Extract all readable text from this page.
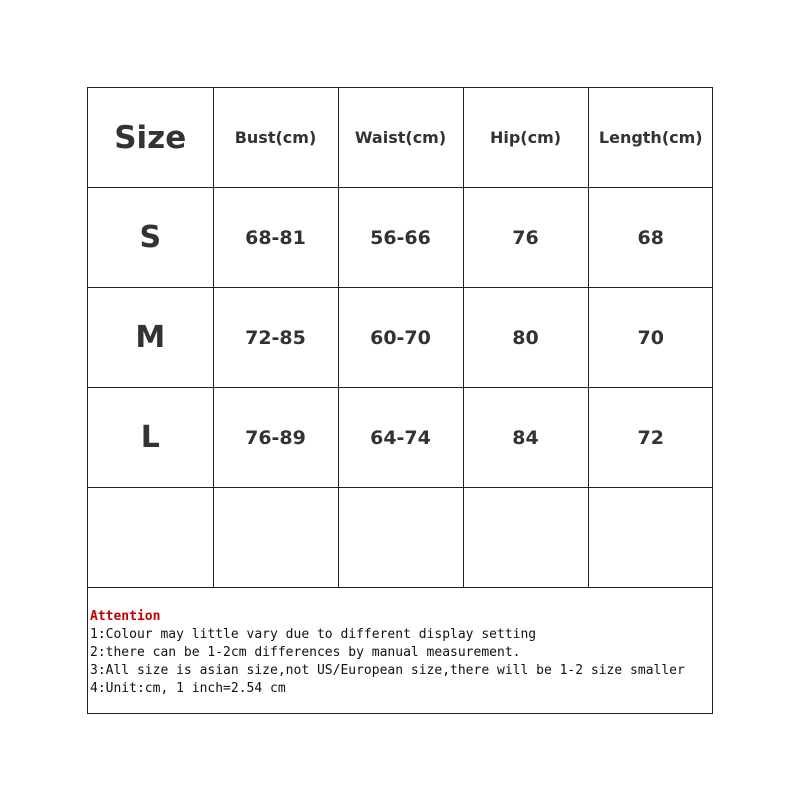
Size	Bust(cm)	Waist(cm)	Hip(cm)	Length(cm)
S	68-81	56-66	76	68
M	72-85	60-70	80	70
L	76-89	64-74	84	72

Attention
1:Colour may little vary due to different display setting
2:there can be 1-2cm differences by manual measurement.
3:All size is asian size,not US/European size,there will be 1-2 size smaller
4:Unit:cm, 1 inch=2.54 cm
